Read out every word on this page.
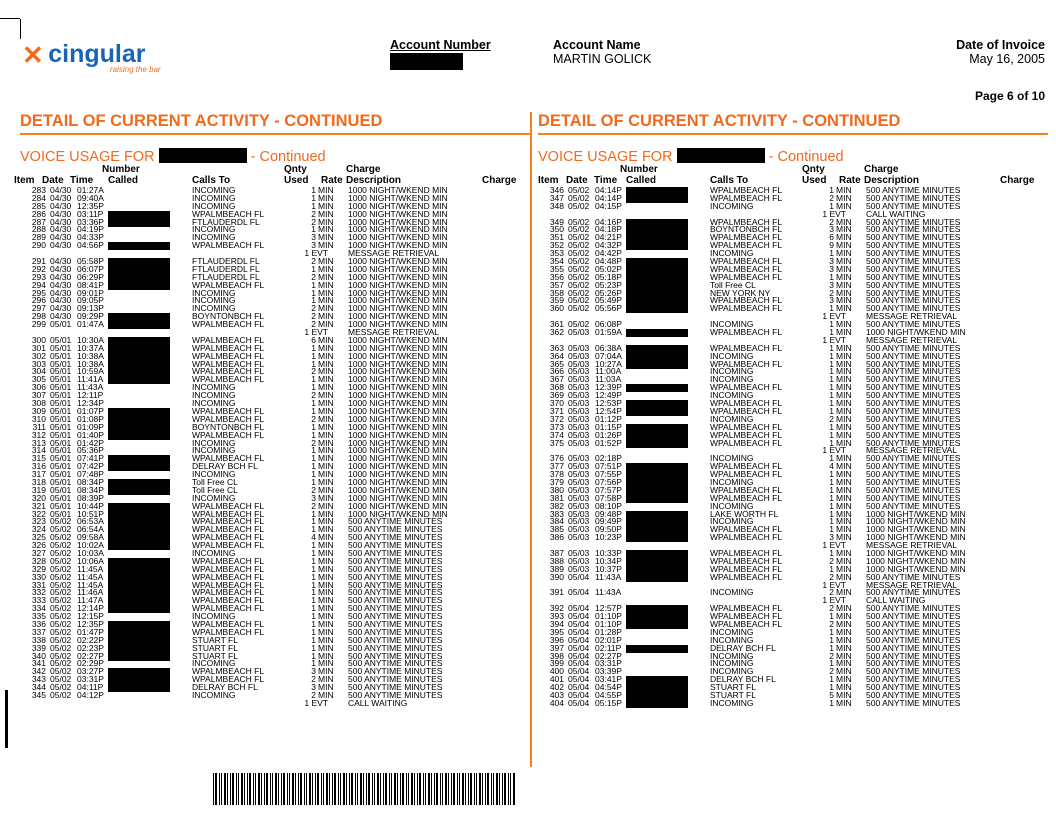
✕ cingular
raising the bar
Account Number	Account Name
MARTIN GOLICK
Date of Invoice
May 16, 2005
Page 6 of 10
DETAIL OF CURRENT ACTIVITY - CONTINUED
VOICE USAGE FOR	- Continued
Number
Item Date Time Called	Calls To
Qnty
Used Rate
Charge
Description	Charge
283 04/30 01:27A	INCOMING	1 MIN 1000 NIGHT/WKEND MIN
284 04/30 09:40A	INCOMING	1 MIN 1000 NIGHT/WKEND MIN
285 04/30 12:35P	INCOMING	1 MIN 1000 NIGHT/WKEND MIN
286 04/30 03:11P	WPALMBEACH FL	2 MIN 1000 NIGHT/WKEND MIN
287 04/30 03:36P	FTLAUDERDL FL	2 MIN 1000 NIGHT/WKEND MIN
288 04/30 04:19P	INCOMING	1 MIN 1000 NIGHT/WKEND MIN
289 04/30 04:33P	INCOMING	3 MIN 1000 NIGHT/WKEND MIN
290 04/30 04:56P	WPALMBEACH FL	3 MIN 1000 NIGHT/WKEND MIN
1 EVT MESSAGE RETRIEVAL
291 04/30 05:58P	FTLAUDERDL FL	2 MIN 1000 NIGHT/WKEND MIN
292 04/30 06:07P	FTLAUDERDL FL	1 MIN 1000 NIGHT/WKEND MIN
293 04/30 06:29P	FTLAUDERDL FL	2 MIN 1000 NIGHT/WKEND MIN
294 04/30 08:41P	WPALMBEACH FL	1 MIN 1000 NIGHT/WKEND MIN
295 04/30 09:01P	INCOMING	1 MIN 1000 NIGHT/WKEND MIN
296 04/30 09:05P	INCOMING	1 MIN 1000 NIGHT/WKEND MIN
297 04/30 09:13P	INCOMING	2 MIN 1000 NIGHT/WKEND MIN
298 04/30 09:29P	BOYNTONBCH FL	2 MIN 1000 NIGHT/WKEND MIN
299 05/01 01:47A	WPALMBEACH FL	2 MIN 1000 NIGHT/WKEND MIN
1 EVT MESSAGE RETRIEVAL
300 05/01 10:30A	WPALMBEACH FL	6 MIN 1000 NIGHT/WKEND MIN
301 05/01 10:37A	WPALMBEACH FL	1 MIN 1000 NIGHT/WKEND MIN
302 05/01 10:38A	WPALMBEACH FL	1 MIN 1000 NIGHT/WKEND MIN
303 05/01 10:38A	WPALMBEACH FL	1 MIN 1000 NIGHT/WKEND MIN
304 05/01 10:59A	WPALMBEACH FL	2 MIN 1000 NIGHT/WKEND MIN
305 05/01 11:41A	WPALMBEACH FL	1 MIN 1000 NIGHT/WKEND MIN
306 05/01 11:43A	INCOMING	1 MIN 1000 NIGHT/WKEND MIN
307 05/01 12:11P	INCOMING	2 MIN 1000 NIGHT/WKEND MIN
308 05/01 12:34P	INCOMING	1 MIN 1000 NIGHT/WKEND MIN
309 05/01 01:07P	WPALMBEACH FL	1 MIN 1000 NIGHT/WKEND MIN
310 05/01 01:08P	WPALMBEACH FL	2 MIN 1000 NIGHT/WKEND MIN
311 05/01 01:09P	BOYNTONBCH FL	1 MIN 1000 NIGHT/WKEND MIN
312 05/01 01:40P	WPALMBEACH FL	1 MIN 1000 NIGHT/WKEND MIN
313 05/01 01:42P	INCOMING	2 MIN 1000 NIGHT/WKEND MIN
314 05/01 05:36P	INCOMING	1 MIN 1000 NIGHT/WKEND MIN
315 05/01 07:41P	WPALMBEACH FL	1 MIN 1000 NIGHT/WKEND MIN
316 05/01 07:42P	DELRAY BCH FL	1 MIN 1000 NIGHT/WKEND MIN
317 05/01 07:48P	INCOMING	1 MIN 1000 NIGHT/WKEND MIN
318 05/01 08:34P	Toll Free CL	1 MIN 1000 NIGHT/WKEND MIN
319 05/01 08:34P	Toll Free CL	2 MIN 1000 NIGHT/WKEND MIN
320 05/01 08:39P	INCOMING	3 MIN 1000 NIGHT/WKEND MIN
321 05/01 10:44P	WPALMBEACH FL	2 MIN 1000 NIGHT/WKEND MIN
322 05/01 10:51P	WPALMBEACH FL	1 MIN 1000 NIGHT/WKEND MIN
323 05/02 06:53A	WPALMBEACH FL	1 MIN 500 ANYTIME MINUTES
324 05/02 06:54A	WPALMBEACH FL	1 MIN 500 ANYTIME MINUTES
325 05/02 09:58A	WPALMBEACH FL	4 MIN 500 ANYTIME MINUTES
326 05/02 10:02A	WPALMBEACH FL	1 MIN 500 ANYTIME MINUTES
327 05/02 10:03A	INCOMING	1 MIN 500 ANYTIME MINUTES
328 05/02 10:06A	WPALMBEACH FL	1 MIN 500 ANYTIME MINUTES
329 05/02 11:45A	WPALMBEACH FL	1 MIN 500 ANYTIME MINUTES
330 05/02 11:45A	WPALMBEACH FL	1 MIN 500 ANYTIME MINUTES
331 05/02 11:45A	WPALMBEACH FL	1 MIN 500 ANYTIME MINUTES
332 05/02 11:46A	WPALMBEACH FL	1 MIN 500 ANYTIME MINUTES
333 05/02 11:47A	WPALMBEACH FL	1 MIN 500 ANYTIME MINUTES
334 05/02 12:14P	WPALMBEACH FL	1 MIN 500 ANYTIME MINUTES
335 05/02 12:15P	INCOMING	1 MIN 500 ANYTIME MINUTES
336 05/02 12:35P	WPALMBEACH FL	1 MIN 500 ANYTIME MINUTES
337 05/02 01:47P	WPALMBEACH FL	1 MIN 500 ANYTIME MINUTES
338 05/02 02:22P	STUART FL	1 MIN 500 ANYTIME MINUTES
339 05/02 02:23P	STUART FL	1 MIN 500 ANYTIME MINUTES
340 05/02 02:27P	STUART FL	1 MIN 500 ANYTIME MINUTES
341 05/02 02:29P	INCOMING	1 MIN 500 ANYTIME MINUTES
342 05/02 03:27P	WPALMBEACH FL	3 MIN 500 ANYTIME MINUTES
343 05/02 03:31P	WPALMBEACH FL	2 MIN 500 ANYTIME MINUTES
344 05/02 04:11P	DELRAY BCH FL	3 MIN 500 ANYTIME MINUTES
345 05/02 04:12P	INCOMING	2 MIN 500 ANYTIME MINUTES
1 EVT CALL WAITING
DETAIL OF CURRENT ACTIVITY - CONTINUED
VOICE USAGE FOR	- Continued
Number
Item Date Time Called	Calls To
Qnty
Used Rate
Charge
Description	Charge
346 05/02 04:14P	WPALMBEACH FL	1 MIN 500 ANYTIME MINUTES
347 05/02 04:14P	WPALMBEACH FL	2 MIN 500 ANYTIME MINUTES
348 05/02 04:15P	INCOMING	1 MIN 500 ANYTIME MINUTES
1 EVT CALL WAITING
349 05/02 04:16P	WPALMBEACH FL	2 MIN 500 ANYTIME MINUTES
350 05/02 04:18P	BOYNTONBCH FL	3 MIN 500 ANYTIME MINUTES
351 05/02 04:21P	WPALMBEACH FL	6 MIN 500 ANYTIME MINUTES
352 05/02 04:32P	WPALMBEACH FL	9 MIN 500 ANYTIME MINUTES
353 05/02 04:42P	INCOMING	1 MIN 500 ANYTIME MINUTES
354 05/02 04:48P	WPALMBEACH FL	3 MIN 500 ANYTIME MINUTES
355 05/02 05:02P	WPALMBEACH FL	3 MIN 500 ANYTIME MINUTES
356 05/02 05:18P	WPALMBEACH FL	1 MIN 500 ANYTIME MINUTES
357 05/02 05:23P	Toll Free CL	3 MIN 500 ANYTIME MINUTES
358 05/02 05:26P	NEW YORK NY	2 MIN 500 ANYTIME MINUTES
359 05/02 05:49P	WPALMBEACH FL	3 MIN 500 ANYTIME MINUTES
360 05/02 05:56P	WPALMBEACH FL	1 MIN 500 ANYTIME MINUTES
1 EVT MESSAGE RETRIEVAL
361 05/02 06:08P	INCOMING	1 MIN 500 ANYTIME MINUTES
362 05/03 01:59A	WPALMBEACH FL	1 MIN 1000 NIGHT/WKEND MIN
1 EVT MESSAGE RETRIEVAL
363 05/03 06:38A	WPALMBEACH FL	1 MIN 500 ANYTIME MINUTES
364 05/03 07:04A	INCOMING	1 MIN 500 ANYTIME MINUTES
365 05/03 10:27A	WPALMBEACH FL	1 MIN 500 ANYTIME MINUTES
366 05/03 11:00A	INCOMING	1 MIN 500 ANYTIME MINUTES
367 05/03 11:03A	INCOMING	1 MIN 500 ANYTIME MINUTES
368 05/03 12:39P	WPALMBEACH FL	1 MIN 500 ANYTIME MINUTES
369 05/03 12:49P	INCOMING	1 MIN 500 ANYTIME MINUTES
370 05/03 12:53P	WPALMBEACH FL	1 MIN 500 ANYTIME MINUTES
371 05/03 12:54P	WPALMBEACH FL	1 MIN 500 ANYTIME MINUTES
372 05/03 01:12P	INCOMING	2 MIN 500 ANYTIME MINUTES
373 05/03 01:15P	WPALMBEACH FL	1 MIN 500 ANYTIME MINUTES
374 05/03 01:26P	WPALMBEACH FL	1 MIN 500 ANYTIME MINUTES
375 05/03 01:52P	WPALMBEACH FL	1 MIN 500 ANYTIME MINUTES
1 EVT MESSAGE RETRIEVAL
376 05/03 02:18P	INCOMING	1 MIN 500 ANYTIME MINUTES
377 05/03 07:51P	WPALMBEACH FL	4 MIN 500 ANYTIME MINUTES
378 05/03 07:55P	WPALMBEACH FL	1 MIN 500 ANYTIME MINUTES
379 05/03 07:56P	INCOMING	1 MIN 500 ANYTIME MINUTES
380 05/03 07:57P	WPALMBEACH FL	1 MIN 500 ANYTIME MINUTES
381 05/03 07:58P	WPALMBEACH FL	1 MIN 500 ANYTIME MINUTES
382 05/03 08:10P	INCOMING	1 MIN 500 ANYTIME MINUTES
383 05/03 09:48P	LAKE WORTH FL	1 MIN 1000 NIGHT/WKEND MIN
384 05/03 09:49P	INCOMING	1 MIN 1000 NIGHT/WKEND MIN
385 05/03 09:50P	WPALMBEACH FL	1 MIN 1000 NIGHT/WKEND MIN
386 05/03 10:23P	WPALMBEACH FL	3 MIN 1000 NIGHT/WKEND MIN
1 EVT MESSAGE RETRIEVAL
387 05/03 10:33P	WPALMBEACH FL	1 MIN 1000 NIGHT/WKEND MIN
388 05/03 10:34P	WPALMBEACH FL	2 MIN 1000 NIGHT/WKEND MIN
389 05/03 10:37P	WPALMBEACH FL	1 MIN 1000 NIGHT/WKEND MIN
390 05/04 11:43A	WPALMBEACH FL	2 MIN 500 ANYTIME MINUTES
1 EVT MESSAGE RETRIEVAL
391 05/04 11:43A	INCOMING	2 MIN 500 ANYTIME MINUTES
1 EVT CALL WAITING
392 05/04 12:57P	WPALMBEACH FL	2 MIN 500 ANYTIME MINUTES
393 05/04 01:10P	WPALMBEACH FL	1 MIN 500 ANYTIME MINUTES
394 05/04 01:10P	WPALMBEACH FL	2 MIN 500 ANYTIME MINUTES
395 05/04 01:28P	INCOMING	1 MIN 500 ANYTIME MINUTES
396 05/04 02:01P	INCOMING	1 MIN 500 ANYTIME MINUTES
397 05/04 02:11P	DELRAY BCH FL	1 MIN 500 ANYTIME MINUTES
398 05/04 02:27P	INCOMING	2 MIN 500 ANYTIME MINUTES
399 05/04 03:31P	INCOMING	1 MIN 500 ANYTIME MINUTES
400 05/04 03:39P	INCOMING	2 MIN 500 ANYTIME MINUTES
401 05/04 03:41P	DELRAY BCH FL	1 MIN 500 ANYTIME MINUTES
402 05/04 04:54P	STUART FL	1 MIN 500 ANYTIME MINUTES
403 05/04 04:55P	STUART FL	5 MIN 500 ANYTIME MINUTES
404 05/04 05:15P	INCOMING	1 MIN 500 ANYTIME MINUTES
